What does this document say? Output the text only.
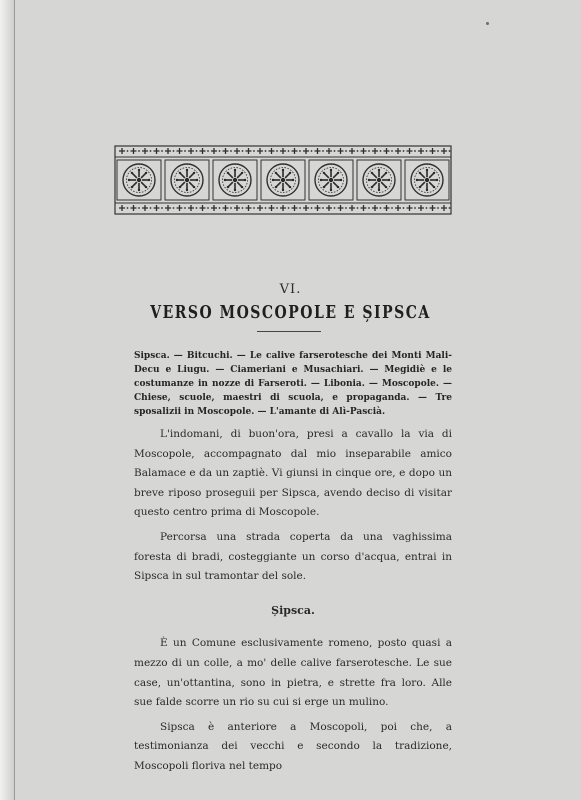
VI.
VERSO MOSCOPOLE E ȘIPSCA

Sipsca. — Bitcuchi. — Le calive farserotesche dei Monti Mali-Decu e Liugu. — Ciameriani e Musachiari. — Megidiè e le costumanze in nozze di Farseroti. — Libonia. — Moscopole. — Chiese, scuole, maestri di scuola, e propaganda. — Tre sposalizii in Moscopole. — L'amante di Alì-Pascià.

L'indomani, di buon'ora, presi a cavallo la via di Moscopole, accompagnato dal mio inseparabile amico Balamace e da un zaptiè. Vi giunsi in cinque ore, e dopo un breve riposo proseguii per Sipsca, avendo deciso di visitar questo centro prima di Moscopole.

Percorsa una strada coperta da una vaghissima foresta di bradi, costeggiante un corso d'acqua, entrai in Sipsca in sul tramontar del sole.

Șipsca.

È un Comune esclusivamente romeno, posto quasi a mezzo di un colle, a mo' delle calive farserotesche. Le sue case, un'ottantina, sono in pietra, e strette fra loro. Alle sue falde scorre un rio su cui si erge un mulino.

Sipsca è anteriore a Moscopoli, poi che, a testimonianza dei vecchi e secondo la tradizione, Moscopoli floriva nel tempo
